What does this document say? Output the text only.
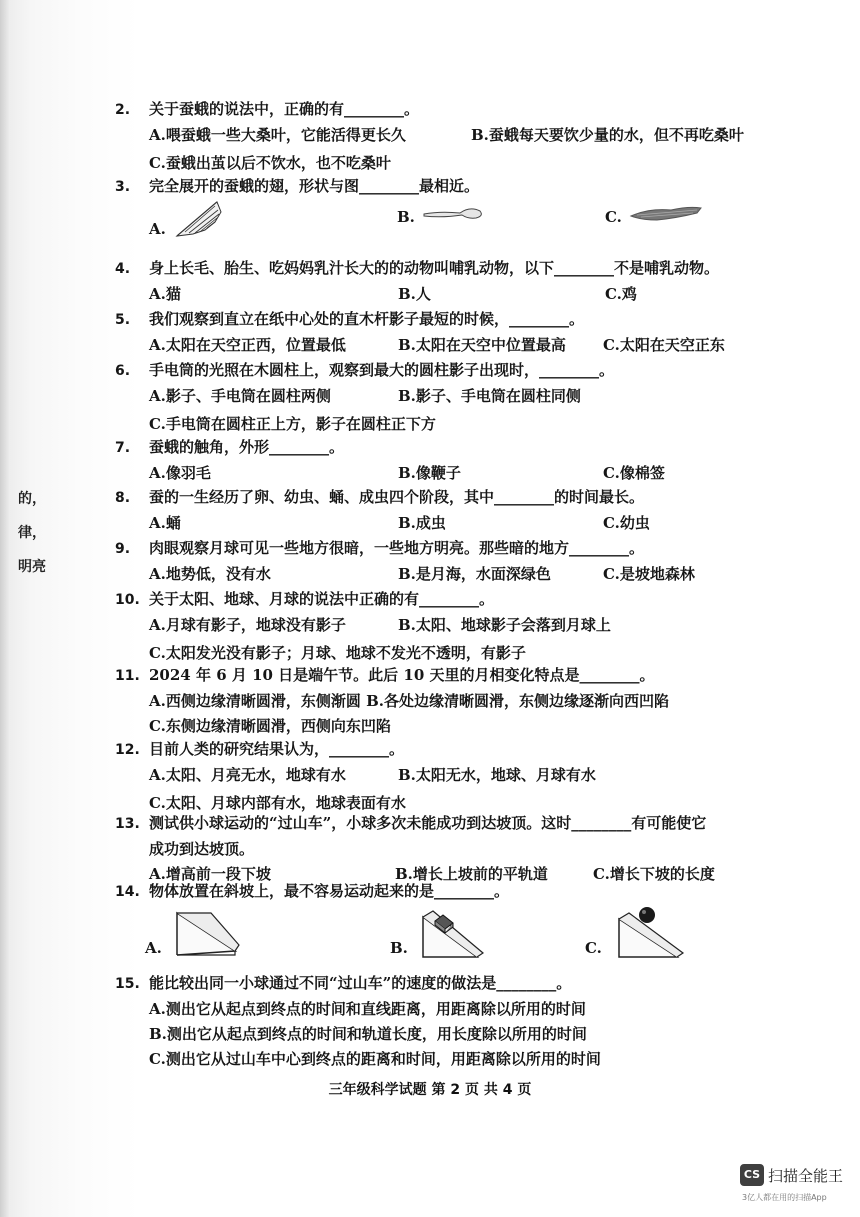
的，
律，
明亮
2. 关于蚕蛾的说法中，正确的有________。
A.喂蚕蛾一些大桑叶，它能活得更长久	B.蚕蛾每天要饮少量的水，但不再吃桑叶
C.蚕蛾出茧以后不饮水，也不吃桑叶
3. 完全展开的蚕蛾的翅，形状与图________最相近。
A.
B.	C.
4. 身上长毛、胎生、吃妈妈乳汁长大的的动物叫哺乳动物，以下________不是哺乳动物。
A.猫	B.人	C.鸡
5. 我们观察到直立在纸中心处的直木杆影子最短的时候，________。
A.太阳在天空正西，位置最低	B.太阳在天空中位置最高 C.太阳在天空正东
6. 手电筒的光照在木圆柱上，观察到最大的圆柱影子出现时，________。
A.影子、手电筒在圆柱两侧	B.影子、手电筒在圆柱同侧
C.手电筒在圆柱正上方，影子在圆柱正下方
7. 蚕蛾的触角，外形________。
A.像羽毛	B.像鞭子	C.像棉签
8. 蚕的一生经历了卵、幼虫、蛹、成虫四个阶段，其中________的时间最长。
A.蛹	B.成虫	C.幼虫
9. 肉眼观察月球可见一些地方很暗，一些地方明亮。那些暗的地方________。
A.地势低，没有水	B.是月海，水面深绿色	C.是坡地森林
10. 关于太阳、地球、月球的说法中正确的有________。
A.月球有影子，地球没有影子	B.太阳、地球影子会落到月球上
C.太阳发光没有影子；月球、地球不发光不透明，有影子
11. 2024 年 6 月 10 日是端午节。此后 10 天里的月相变化特点是________。
A.西侧边缘清晰圆滑，东侧渐圆 B.各处边缘清晰圆滑，东侧边缘逐渐向西凹陷
C.东侧边缘清晰圆滑，西侧向东凹陷
12. 目前人类的研究结果认为，________。
A.太阳、月亮无水，地球有水	B.太阳无水，地球、月球有水
C.太阳、月球内部有水，地球表面有水
13. 测试供小球运动的“过山车”，小球多次未能成功到达坡顶。这时________有可能使它
成功到达坡顶。
A.增高前一段下坡	B.增长上坡前的平轨道	C.增长下坡的长度
14. 物体放置在斜坡上，最不容易运动起来的是________。
A.	B.	C.
15. 能比较出同一小球通过不同“过山车”的速度的做法是________。
A.测出它从起点到终点的时间和直线距离，用距离除以所用的时间
B.测出它从起点到终点的时间和轨道长度，用长度除以所用的时间
C.测出它从过山车中心到终点的距离和时间，用距离除以所用的时间
三年级科学试题 第 2 页 共 4 页
CS 扫描全能王
3亿人都在用的扫描App
